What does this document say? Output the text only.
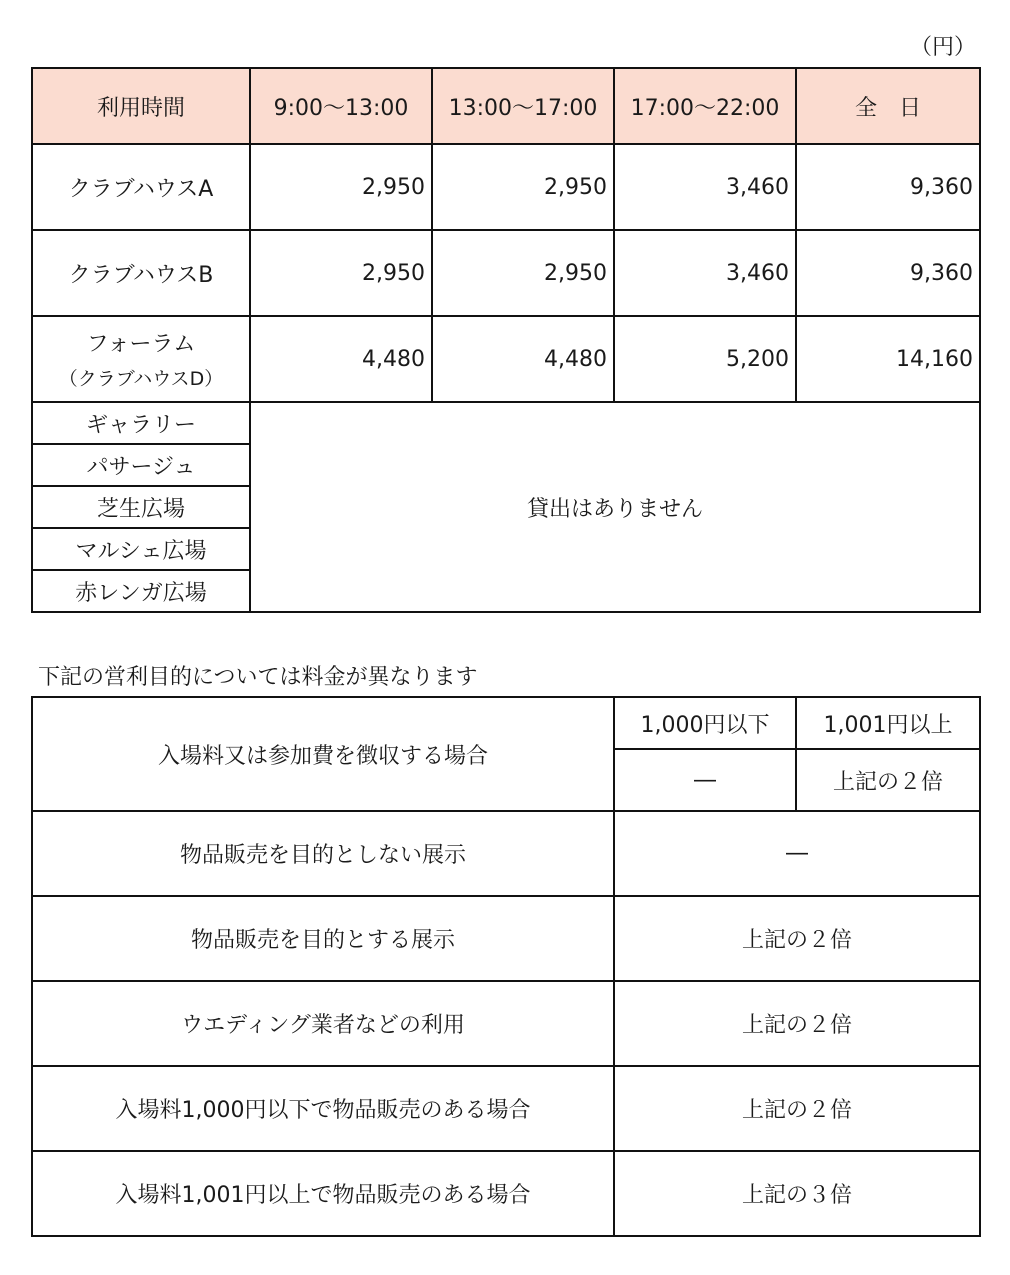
（円）
利用時間	9:00～13:00	13:00～17:00	17:00～22:00	全　日
クラブハウスA	2,950	2,950	3,460	9,360
クラブハウスB	2,950	2,950	3,460	9,360
フォーラム
（クラブハウスD）	4,480	4,480	5,200	14,160
ギャラリー	貸出はありません			
パサージュ				
芝生広場				
マルシェ広場				
赤レンガ広場				
下記の営利目的については料金が異なります
入場料又は参加費を徴収する場合	1,000円以下	1,001円以上
	―	上記の２倍
物品販売を目的としない展示	―	
物品販売を目的とする展示	上記の２倍	
ウエディング業者などの利用	上記の２倍	
入場料1,000円以下で物品販売のある場合	上記の２倍	
入場料1,001円以上で物品販売のある場合	上記の３倍	
